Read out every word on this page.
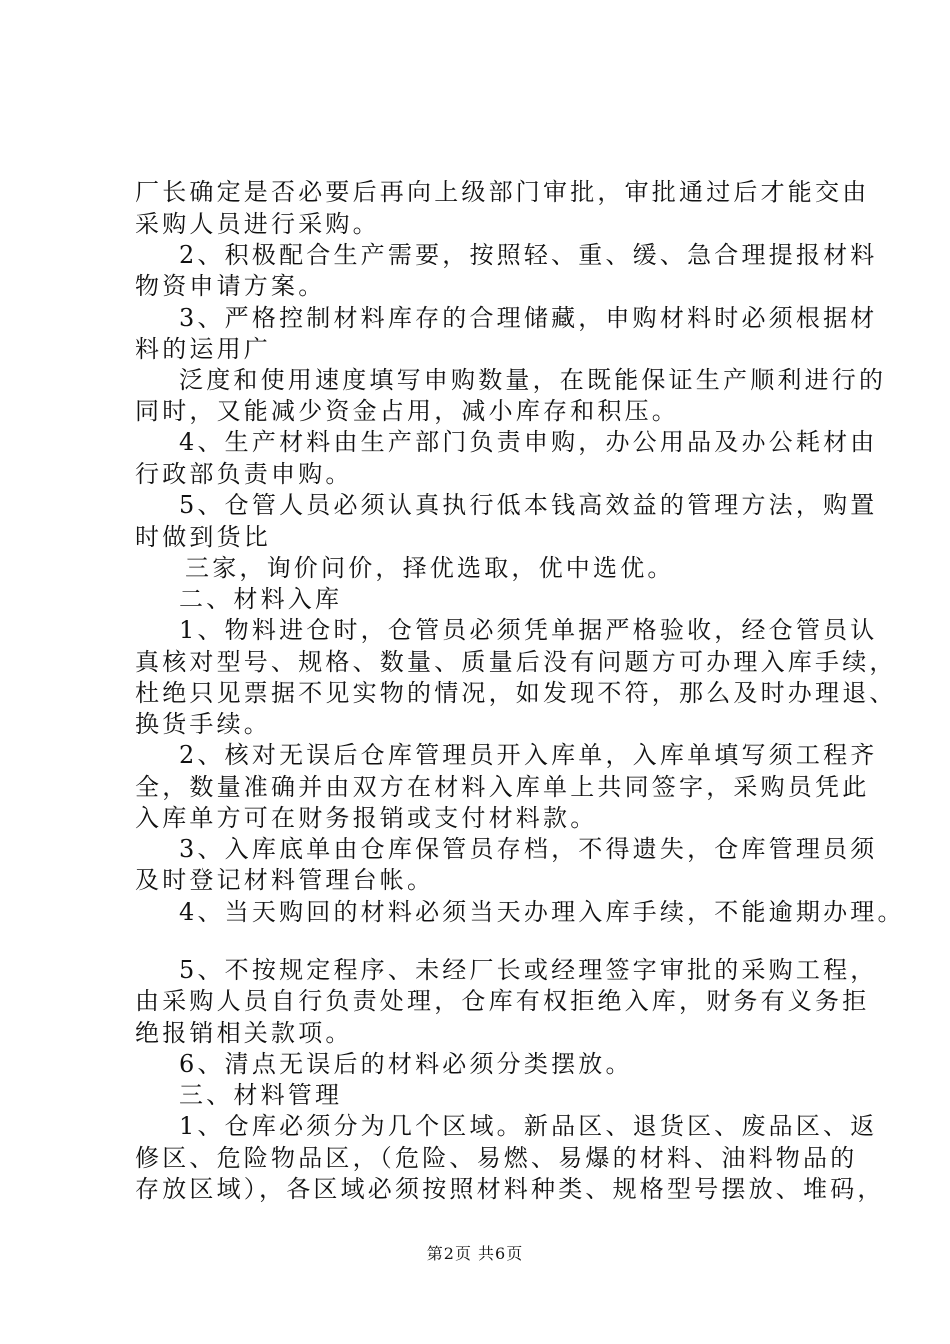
厂长确定是否必要后再向上级部门审批，审批通过后才能交由
采购人员进行采购。
2、积极配合生产需要，按照轻、重、缓、急合理提报材料
物资申请方案。
3、严格控制材料库存的合理储藏，申购材料时必须根据材
料的运用广
泛度和使用速度填写申购数量，在既能保证生产顺利进行的
同时，又能减少资金占用，减小库存和积压。
4、生产材料由生产部门负责申购，办公用品及办公耗材由
行政部负责申购。
5、仓管人员必须认真执行低本钱高效益的管理方法，购置
时做到货比
三家，询价问价，择优选取，优中选优。
二、材料入库
1、物料进仓时，仓管员必须凭单据严格验收，经仓管员认
真核对型号、规格、数量、质量后没有问题方可办理入库手续，
杜绝只见票据不见实物的情况，如发现不符，那么及时办理退、
换货手续。
2、核对无误后仓库管理员开入库单，入库单填写须工程齐
全，数量准确并由双方在材料入库单上共同签字，采购员凭此
入库单方可在财务报销或支付材料款。
3、入库底单由仓库保管员存档，不得遗失，仓库管理员须
及时登记材料管理台帐。
4、当天购回的材料必须当天办理入库手续，不能逾期办理。
5、不按规定程序、未经厂长或经理签字审批的采购工程，
由采购人员自行负责处理，仓库有权拒绝入库，财务有义务拒
绝报销相关款项。
6、清点无误后的材料必须分类摆放。
三、材料管理
1、仓库必须分为几个区域。新品区、退货区、废品区、返
修区、危险物品区，（危险、易燃、易爆的材料、油料物品的
存放区域），各区域必须按照材料种类、规格型号摆放、堆码，
第2页 共6页
